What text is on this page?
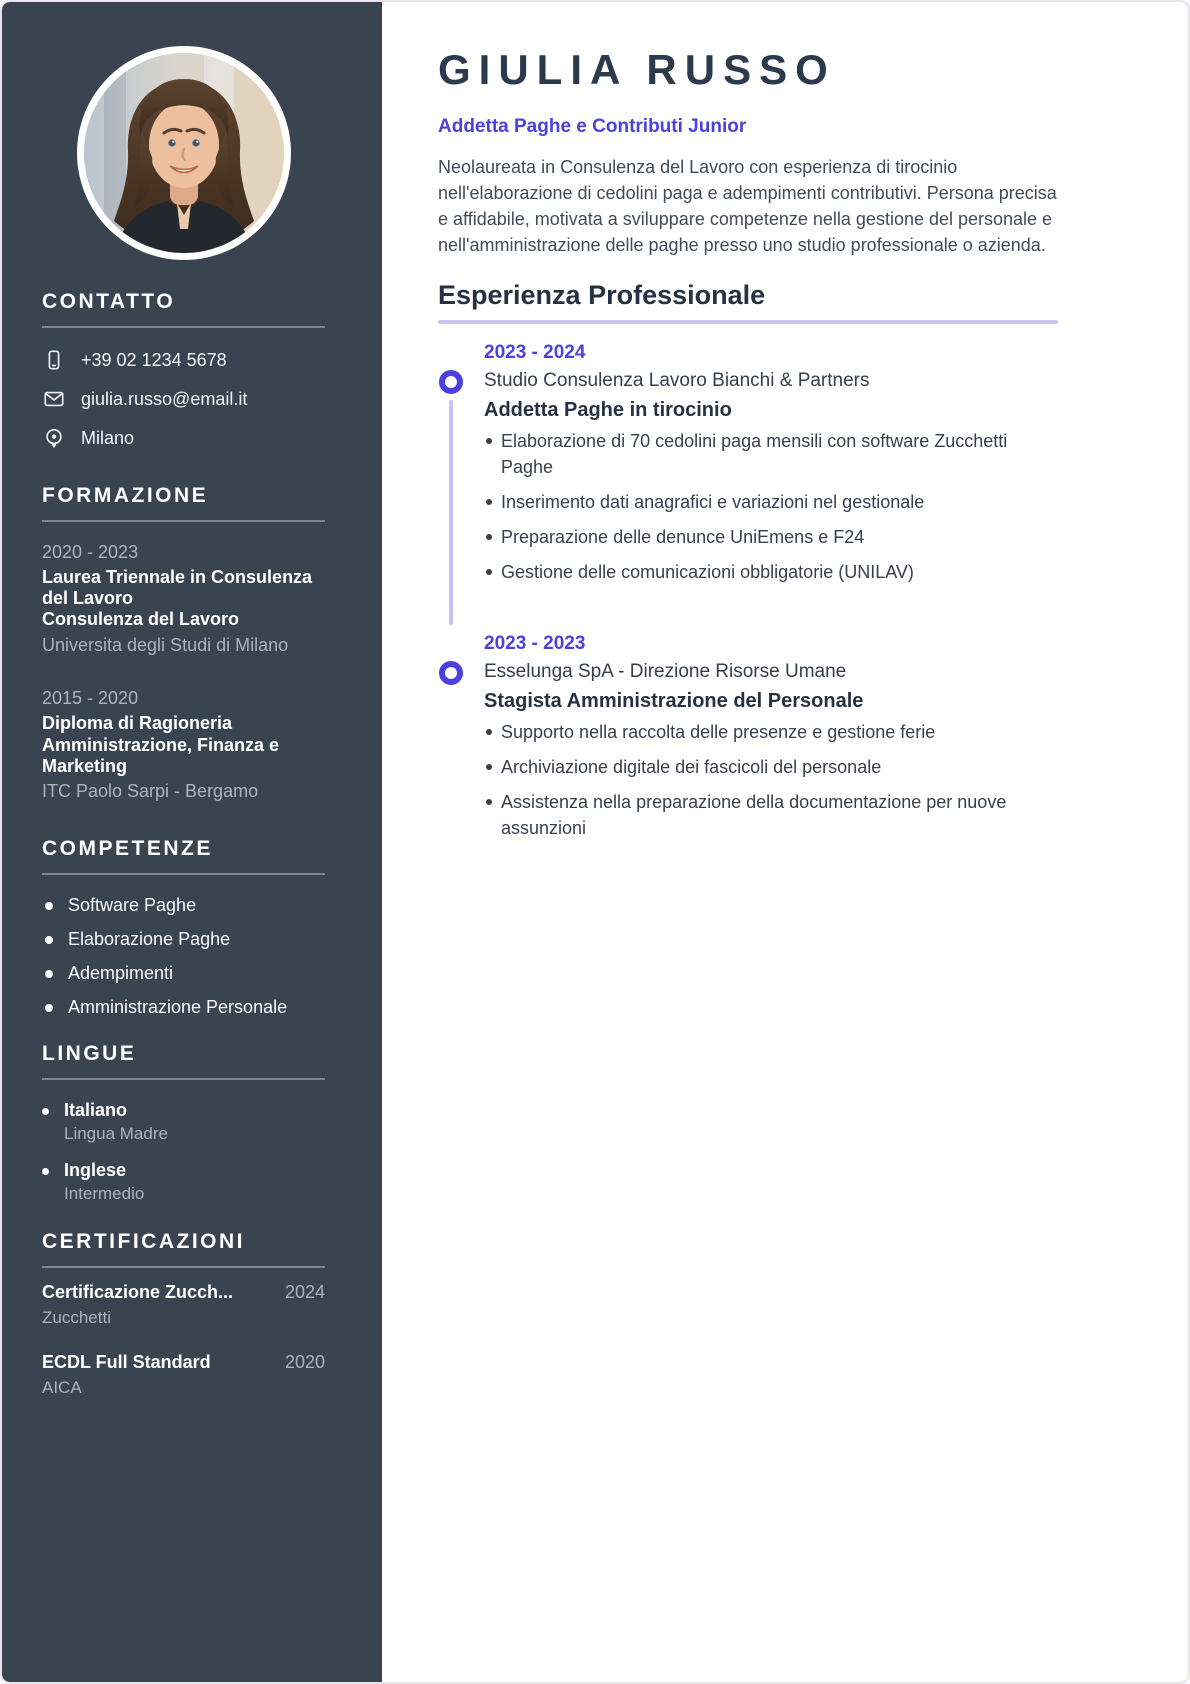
CONTATTO
+39 02 1234 5678
giulia.russo@email.it
Milano
FORMAZIONE
2020 - 2023
Laurea Triennale in Consulenza del Lavoro
Consulenza del Lavoro
Universita degli Studi di Milano
2015 - 2020
Diploma di Ragioneria
Amministrazione, Finanza e Marketing
ITC Paolo Sarpi - Bergamo
COMPETENZE
Software Paghe
Elaborazione Paghe
Adempimenti
Amministrazione Personale
LINGUE
Italiano
Lingua Madre
Inglese
Intermedio
CERTIFICAZIONI
Certificazione Zucch...	2024
Zucchetti
ECDL Full Standard	2020
AICA
GIULIA RUSSO
Addetta Paghe e Contributi Junior

Neolaureata in Consulenza del Lavoro con esperienza di tirocinio nell'elaborazione di cedolini paga e adempimenti contributivi. Persona precisa e affidabile, motivata a sviluppare competenze nella gestione del personale e nell'amministrazione delle paghe presso uno studio professionale o azienda.

Esperienza Professionale
2023 - 2024
Studio Consulenza Lavoro Bianchi & Partners
Addetta Paghe in tirocinio
Elaborazione di 70 cedolini paga mensili con software Zucchetti Paghe
Inserimento dati anagrafici e variazioni nel gestionale
Preparazione delle denunce UniEmens e F24
Gestione delle comunicazioni obbligatorie (UNILAV)
2023 - 2023
Esselunga SpA - Direzione Risorse Umane
Stagista Amministrazione del Personale
Supporto nella raccolta delle presenze e gestione ferie
Archiviazione digitale dei fascicoli del personale
Assistenza nella preparazione della documentazione per nuove assunzioni
